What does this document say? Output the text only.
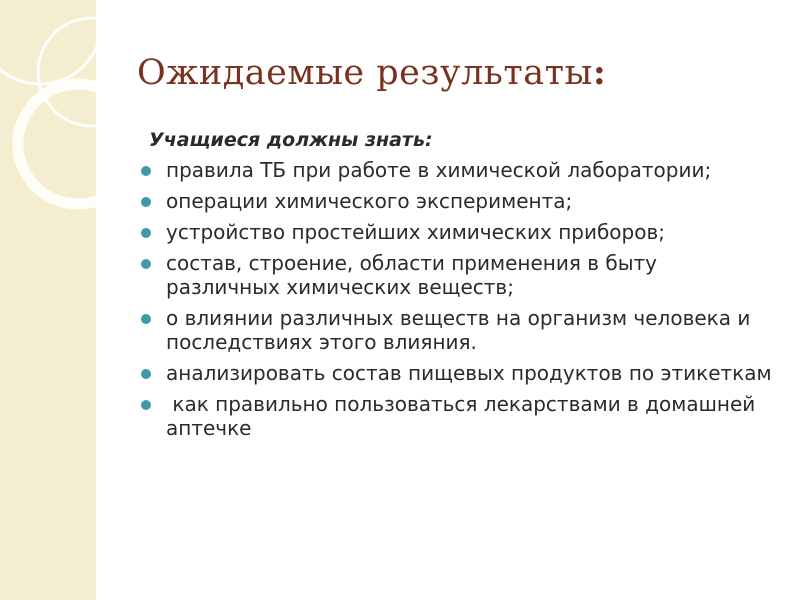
Ожидаемые результаты:

Учащиеся должны знать:

правила ТБ при работе в химической лаборатории;
операции химического эксперимента;
устройство простейших химических приборов;
состав, строение, области применения в быту различных химических веществ;
о влиянии различных веществ на организм человека и последствиях этого влияния.
анализировать состав пищевых продуктов по этикеткам
как правильно пользоваться лекарствами в домашней аптечке
